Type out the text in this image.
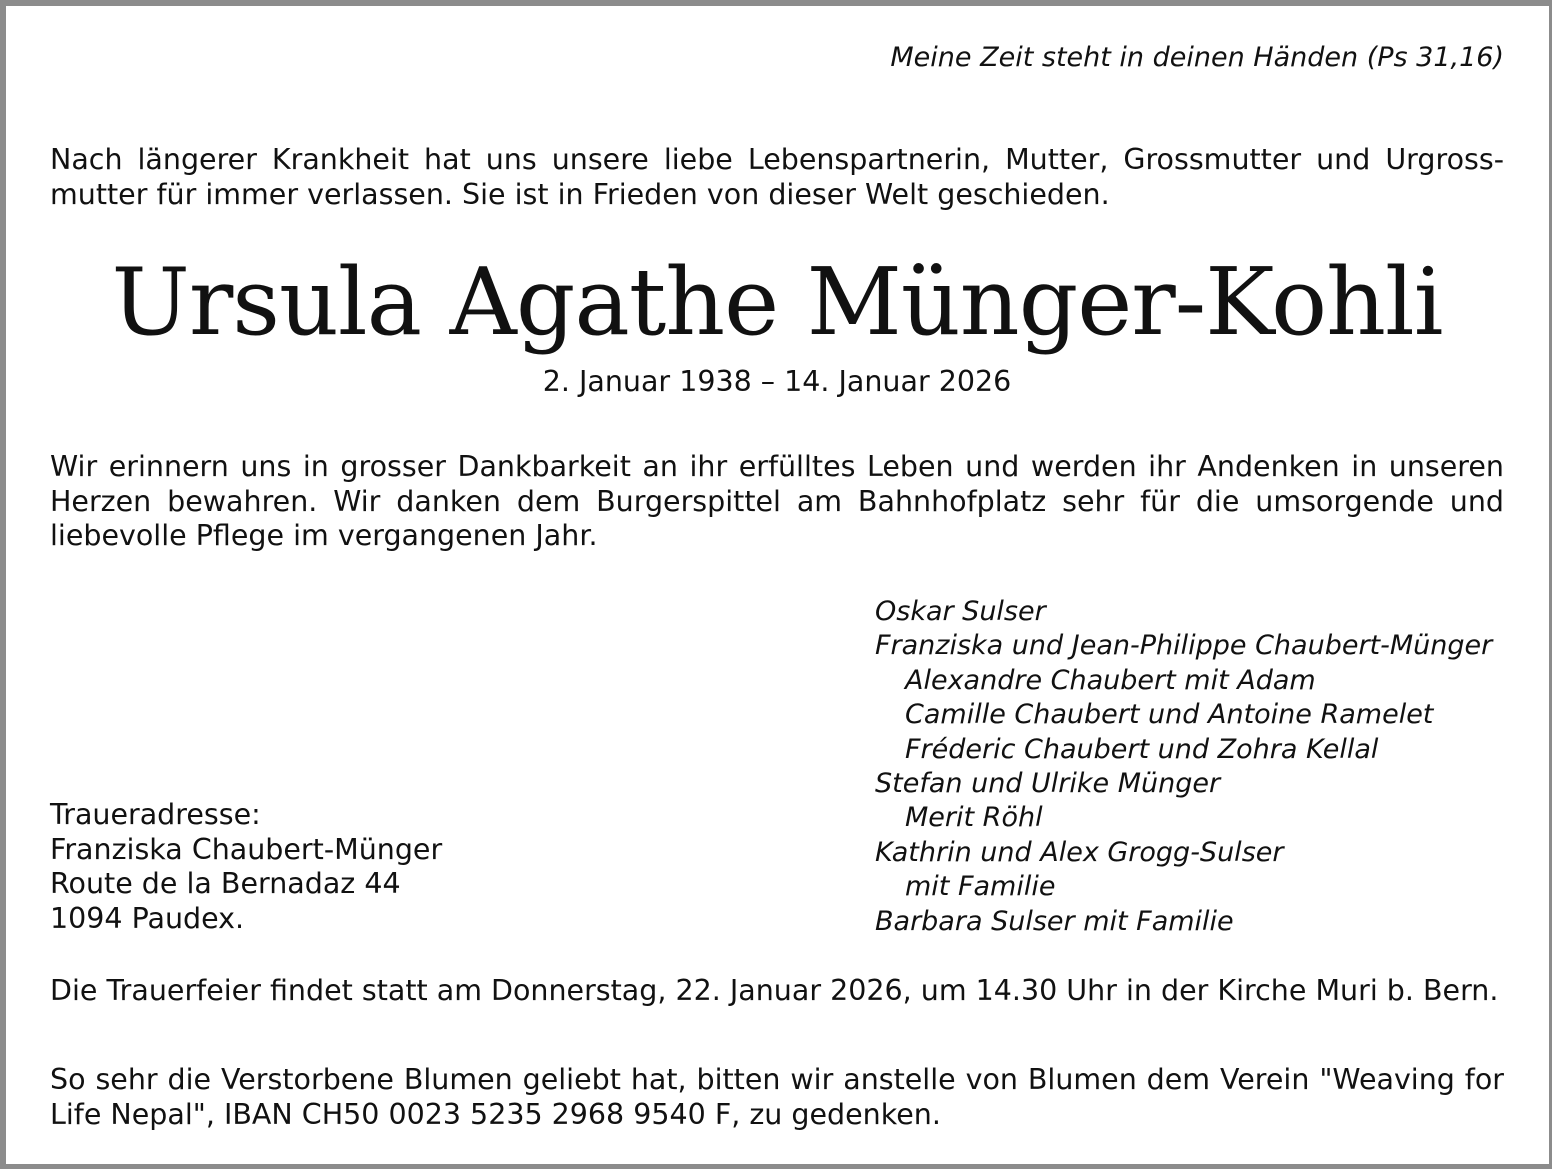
Meine Zeit steht in deinen Händen (Ps 31,16)

Nach längerer Krankheit hat uns unsere liebe Lebenspartnerin, Mutter, Grossmutter und Urgross-mutter für immer verlassen. Sie ist in Frieden von dieser Welt geschieden.

Ursula Agathe Münger-Kohli
2. Januar 1938 – 14. Januar 2026

Wir erinnern uns in grosser Dankbarkeit an ihr erfülltes Leben und werden ihr Andenken in unseren Herzen bewahren. Wir danken dem Burgerspittel am Bahnhofplatz sehr für die umsorgende und liebevolle Pflege im vergangenen Jahr.

Traueradresse:
Franziska Chaubert-Münger
Route de la Bernadaz 44
1094 Paudex.
Oskar Sulser
Franziska und Jean-Philippe Chaubert-Münger
Alexandre Chaubert mit Adam
Camille Chaubert und Antoine Ramelet
Fréderic Chaubert und Zohra Kellal
Stefan und Ulrike Münger
Merit Röhl
Kathrin und Alex Grogg-Sulser
mit Familie
Barbara Sulser mit Familie

Die Trauerfeier findet statt am Donnerstag, 22. Januar 2026, um 14.30 Uhr in der Kirche Muri b. Bern.

So sehr die Verstorbene Blumen geliebt hat, bitten wir anstelle von Blumen dem Verein "Weaving for Life Nepal", IBAN CH50 0023 5235 2968 9540 F, zu gedenken.
